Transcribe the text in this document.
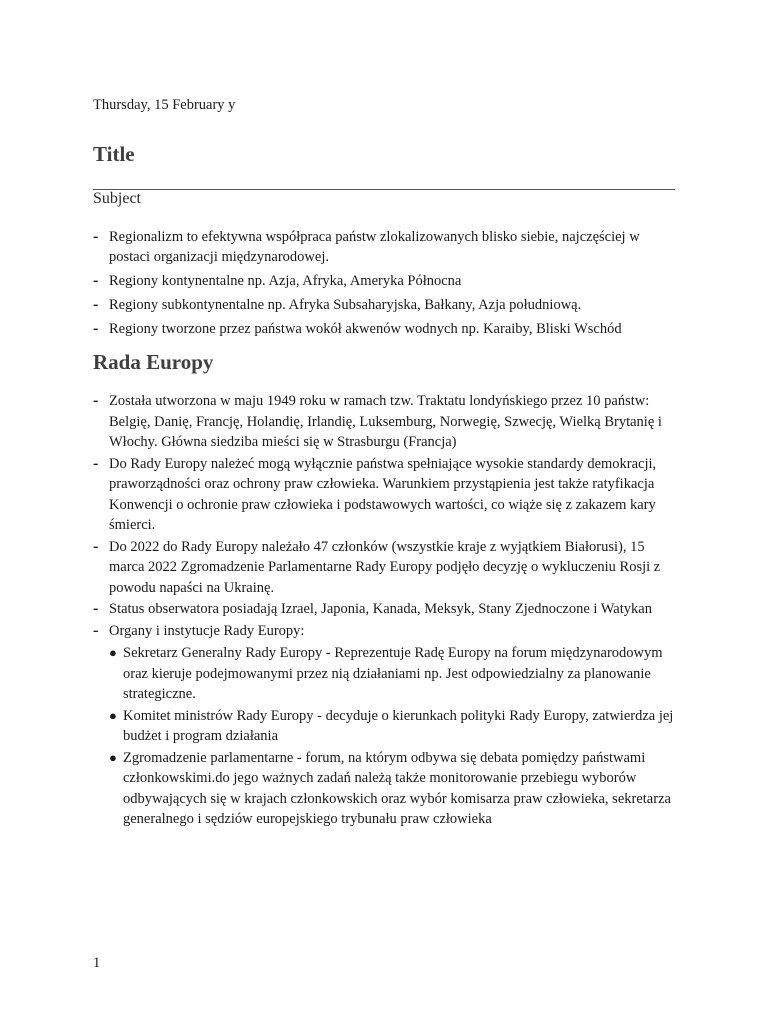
Thursday, 15 February y
Title
Subject
- Regionalizm to efektywna współpraca państw zlokalizowanych blisko siebie, najczęściej w postaci organizacji międzynarodowej.
- Regiony kontynentalne np. Azja, Afryka, Ameryka Północna
- Regiony subkontynentalne np. Afryka Subsaharyjska, Bałkany, Azja południową.
- Regiony tworzone przez państwa wokół akwenów wodnych np. Karaiby, Bliski Wschód
Rada Europy
- Została utworzona w maju 1949 roku w ramach tzw. Traktatu londyńskiego przez 10 państw: Belgię, Danię, Francję, Holandię, Irlandię, Luksemburg, Norwegię, Szwecję, Wielką Brytanię i Włochy. Główna siedziba mieści się w Strasburgu (Francja)
- Do Rady Europy należeć mogą wyłącznie państwa spełniające wysokie standardy demokracji, praworządności oraz ochrony praw człowieka. Warunkiem przystąpienia jest także ratyfikacja Konwencji o ochronie praw człowieka i podstawowych wartości, co wiąże się z zakazem kary śmierci.
- Do 2022 do Rady Europy należało 47 członków (wszystkie kraje z wyjątkiem Białorusi), 15 marca 2022 Zgromadzenie Parlamentarne Rady Europy podjęło decyzję o wykluczeniu Rosji z powodu napaści na Ukrainę.
- Status obserwatora posiadają Izrael, Japonia, Kanada, Meksyk, Stany Zjednoczone i Watykan
- Organy i instytucje Rady Europy:
● Sekretarz Generalny Rady Europy - Reprezentuje Radę Europy na forum międzynarodowym oraz kieruje podejmowanymi przez nią działaniami np. Jest odpowiedzialny za planowanie strategiczne.
● Komitet ministrów Rady Europy - decyduje o kierunkach polityki Rady Europy, zatwierdza jej budżet i program działania
● Zgromadzenie parlamentarne - forum, na którym odbywa się debata pomiędzy państwami członkowskimi.do jego ważnych zadań należą także monitorowanie przebiegu wyborów odbywających się w krajach członkowskich oraz wybór komisarza praw człowieka, sekretarza generalnego i sędziów europejskiego trybunału praw człowieka
1
